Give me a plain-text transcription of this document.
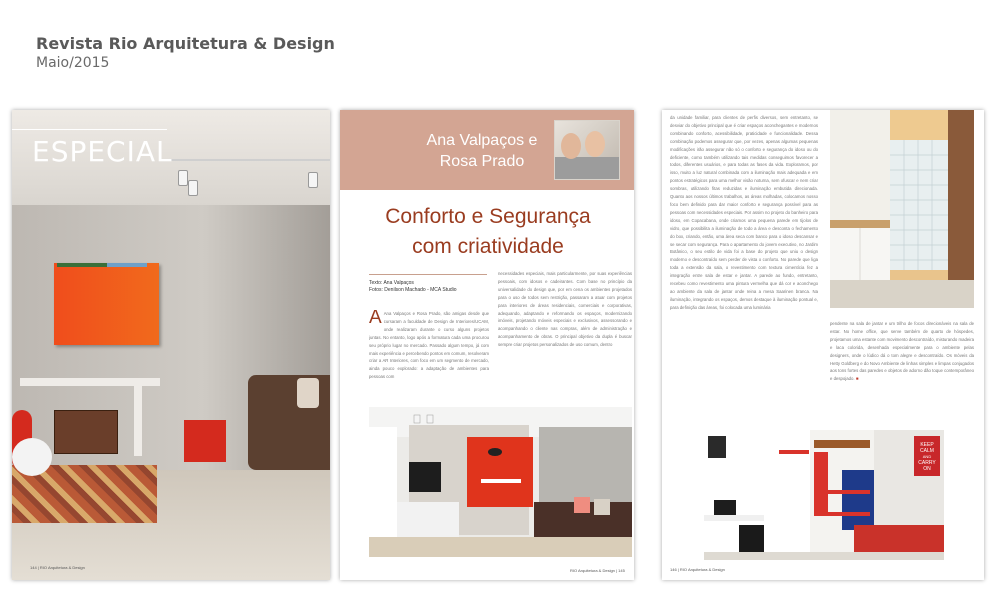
Revista Rio Arquitetura & Design
Maio/2015
ESPECIAL
144 | RIO Arquitetura & Design
Ana Valpaços e
Rosa Prado
Conforto e Segurança
com criatividade
Texto: Ana Valpaços
Fotos: Denilson Machado - MCA Studio
A Ana Valpaços e Rosa Prado, são amigas desde que cursaram a faculdade de Design de Interiores/UCAM, onde realizaram durante o curso alguns projetos juntas. No entanto, logo após a formatura cada uma procurou seu próprio lugar no mercado. Passado algum tempo, já com mais experiência e percebendo pontos em comum, resolveram criar a AR Interiores, com foco em um segmento de mercado, ainda pouco explorado: a adaptação de ambientes para pessoas com
necessidades especiais, mais particularmente, por suas experiências pessoais, com idosos e cadeirantes. Com base no princípio da universalidade do design que, por em cena os ambientes projetados para o uso de todos sem restrição, passaram a atuar com projetos para interiores de áreas residenciais, comerciais e corporativas, adequando, adaptando e reformando os espaços, modernizando imóveis, projetando móveis especiais e exclusivos, assessorando e acompanhando o cliente nas compras, além de administração e acompanhamento de obras. O principal objetivo da dupla é buscar sempre criar projetos personalizados de uso comum, dentro
RIO Arquitetura & Design | 145
da unidade familiar, para clientes de perfis diversos, sem entretanto, se desviar do objetivo principal que é criar espaços aconchegantes e modernos combinando conforto, acessibilidade, praticidade e funcionalidade. Dessa combinação podemos assegurar que, por vezes, apenas algumas pequenas modificações irão assegurar não só o conforto e segurança do idoso ou do deficiente, como também utilizando tais medidas conseguimos favorecer a todos, diferentes usuários, e para todas as fases da vida. Exploramos, por isso, muito a luz natural combinada com a iluminação mais adequada e em pontos estratégicos para uma melhor visão noturna, sem ofuscar e nem criar sombras, utilizando fitas reduzidas e iluminação embutida direcionada. Quanto aos nossos últimos trabalhos, as áreas molhadas, colocamos nosso foco bem definido para dar maior conforto e segurança possível para as pessoas com necessidades especiais. Por assim no projeto do banheiro para idoso, em Copacabana, onde criamos uma pequena parede em tijolos de vidro, que possibilita a iluminação de todo a área e desconta o fechamento do box, criando, então, uma área seca com banco para o idoso descansar e se secar com segurança. Para o apartamento do jovem executivo, no Jardim Botânico, o seu estilo de vida foi a base do projeto que uniu o design moderno e descontraído sem perder de vista o conforto. No parede que liga toda a extensão da sala, o revestimento com textura cimentícia fez a integração entre sala de estar e jantar. A parede ao fundo, entretanto, recebeu como revestimento uma pintura vermelha que dá cor e aconchego ao ambiente da sala de jantar onde reina a mesa Saarinen branca. Na iluminação, integrando os espaços, demos destaque à iluminação pontual e, para definição das áreas, foi colocada uma luminária
pendente na sala de jantar e um trilho de focos direcionáveis na sala de estar. No home office, que serve também de quarto de hóspedes, projetamos uma estante com movimento descontraído, misturando madeira e laca colorida, desenhada especialmente para o ambiente pelas designers, onde o lúdico dá o tom alegre e descontraído. Os móveis da Hetty Goldberg e do Novo Ambiente de linhas simples e limpas conjugados aos tons fortes das paredes e objetos de adorno dão toque contemporâneo e despojado. ■
KEEP
CALM
AND
CARRY
ON
146 | RIO Arquitetura & Design
